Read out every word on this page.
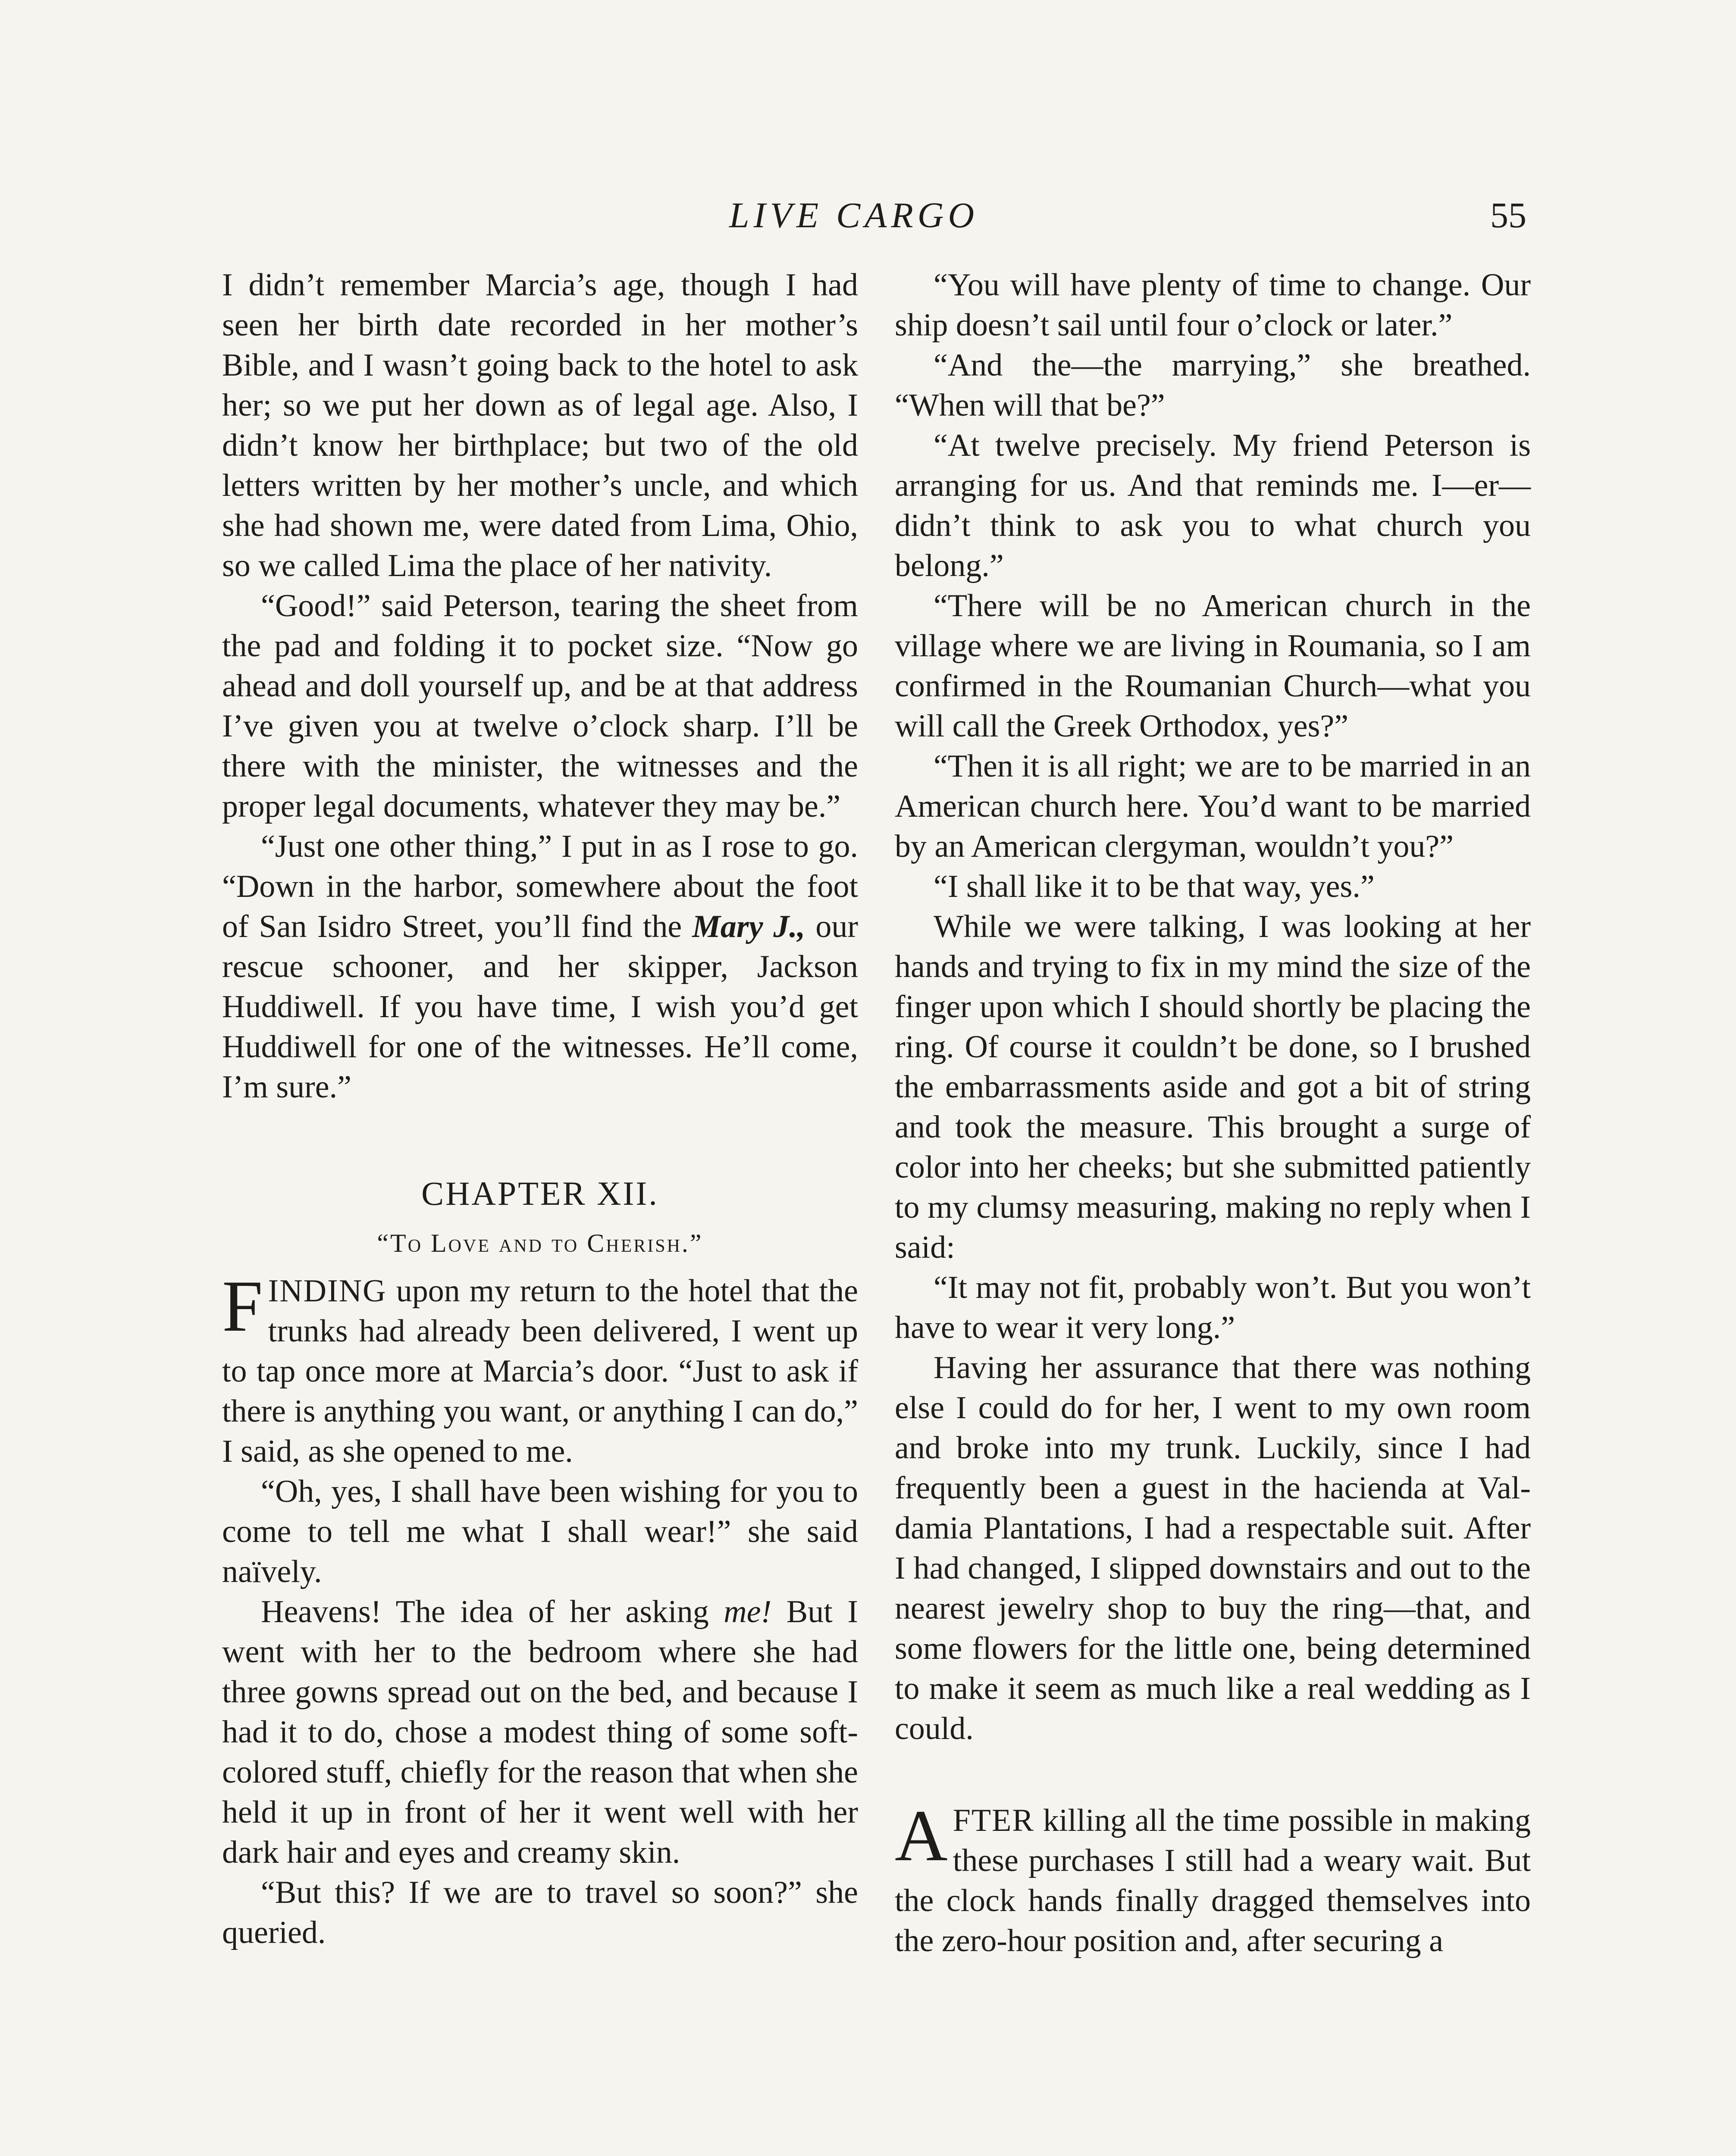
LIVE CARGO	55

I didn’t remember Marcia’s age, though I had seen her birth date recorded in her mother’s Bible, and I wasn’t going back to the hotel to ask her; so we put her down as of legal age. Also, I didn’t know her birthplace; but two of the old letters written by her mother’s uncle, and which she had shown me, were dated from Lima, Ohio, so we called Lima the place of her nativity.

“Good!” said Peterson, tearing the sheet from the pad and folding it to pocket size. “Now go ahead and doll yourself up, and be at that address I’ve given you at twelve o’clock sharp. I’ll be there with the minister, the witnesses and the proper legal documents, whatever they may be.”

“Just one other thing,” I put in as I rose to go. “Down in the harbor, somewhere about the foot of San Isidro Street, you’ll find the Mary J., our rescue schooner, and her skipper, Jackson Huddiwell. If you have time, I wish you’d get Huddiwell for one of the witnesses. He’ll come, I’m sure.”

CHAPTER XII.
“To Love and to Cherish.”

FINDING upon my return to the hotel that the trunks had already been delivered, I went up to tap once more at Marcia’s door. “Just to ask if there is anything you want, or anything I can do,” I said, as she opened to me.

“Oh, yes, I shall have been wishing for you to come to tell me what I shall wear!” she said naïvely.

Heavens! The idea of her asking me! But I went with her to the bedroom where she had three gowns spread out on the bed, and because I had it to do, chose a modest thing of some soft-colored stuff, chiefly for the reason that when she held it up in front of her it went well with her dark hair and eyes and creamy skin.

“But this? If we are to travel so soon?” she queried.

“You will have plenty of time to change. Our ship doesn’t sail until four o’clock or later.”

“And the—the marrying,” she breathed. “When will that be?”

“At twelve precisely. My friend Peterson is arranging for us. And that reminds me. I—er—didn’t think to ask you to what church you belong.”

“There will be no American church in the village where we are living in Roumania, so I am confirmed in the Roumanian Church—what you will call the Greek Orthodox, yes?”

“Then it is all right; we are to be married in an American church here. You’d want to be married by an American clergyman, wouldn’t you?”

“I shall like it to be that way, yes.”

While we were talking, I was looking at her hands and trying to fix in my mind the size of the finger upon which I should shortly be placing the ring. Of course it couldn’t be done, so I brushed the embarrassments aside and got a bit of string and took the measure. This brought a surge of color into her cheeks; but she submitted patiently to my clumsy measuring, making no reply when I said:

“It may not fit, probably won’t. But you won’t have to wear it very long.”

Having her assurance that there was nothing else I could do for her, I went to my own room and broke into my trunk. Luckily, since I had frequently been a guest in the hacienda at Valdamia Plantations, I had a respectable suit. After I had changed, I slipped downstairs and out to the nearest jewelry shop to buy the ring—that, and some flowers for the little one, being determined to make it seem as much like a real wedding as I could.

AFTER killing all the time possible in making these purchases I still had a weary wait. But the clock hands finally dragged themselves into the zero-hour position and, after securing a
